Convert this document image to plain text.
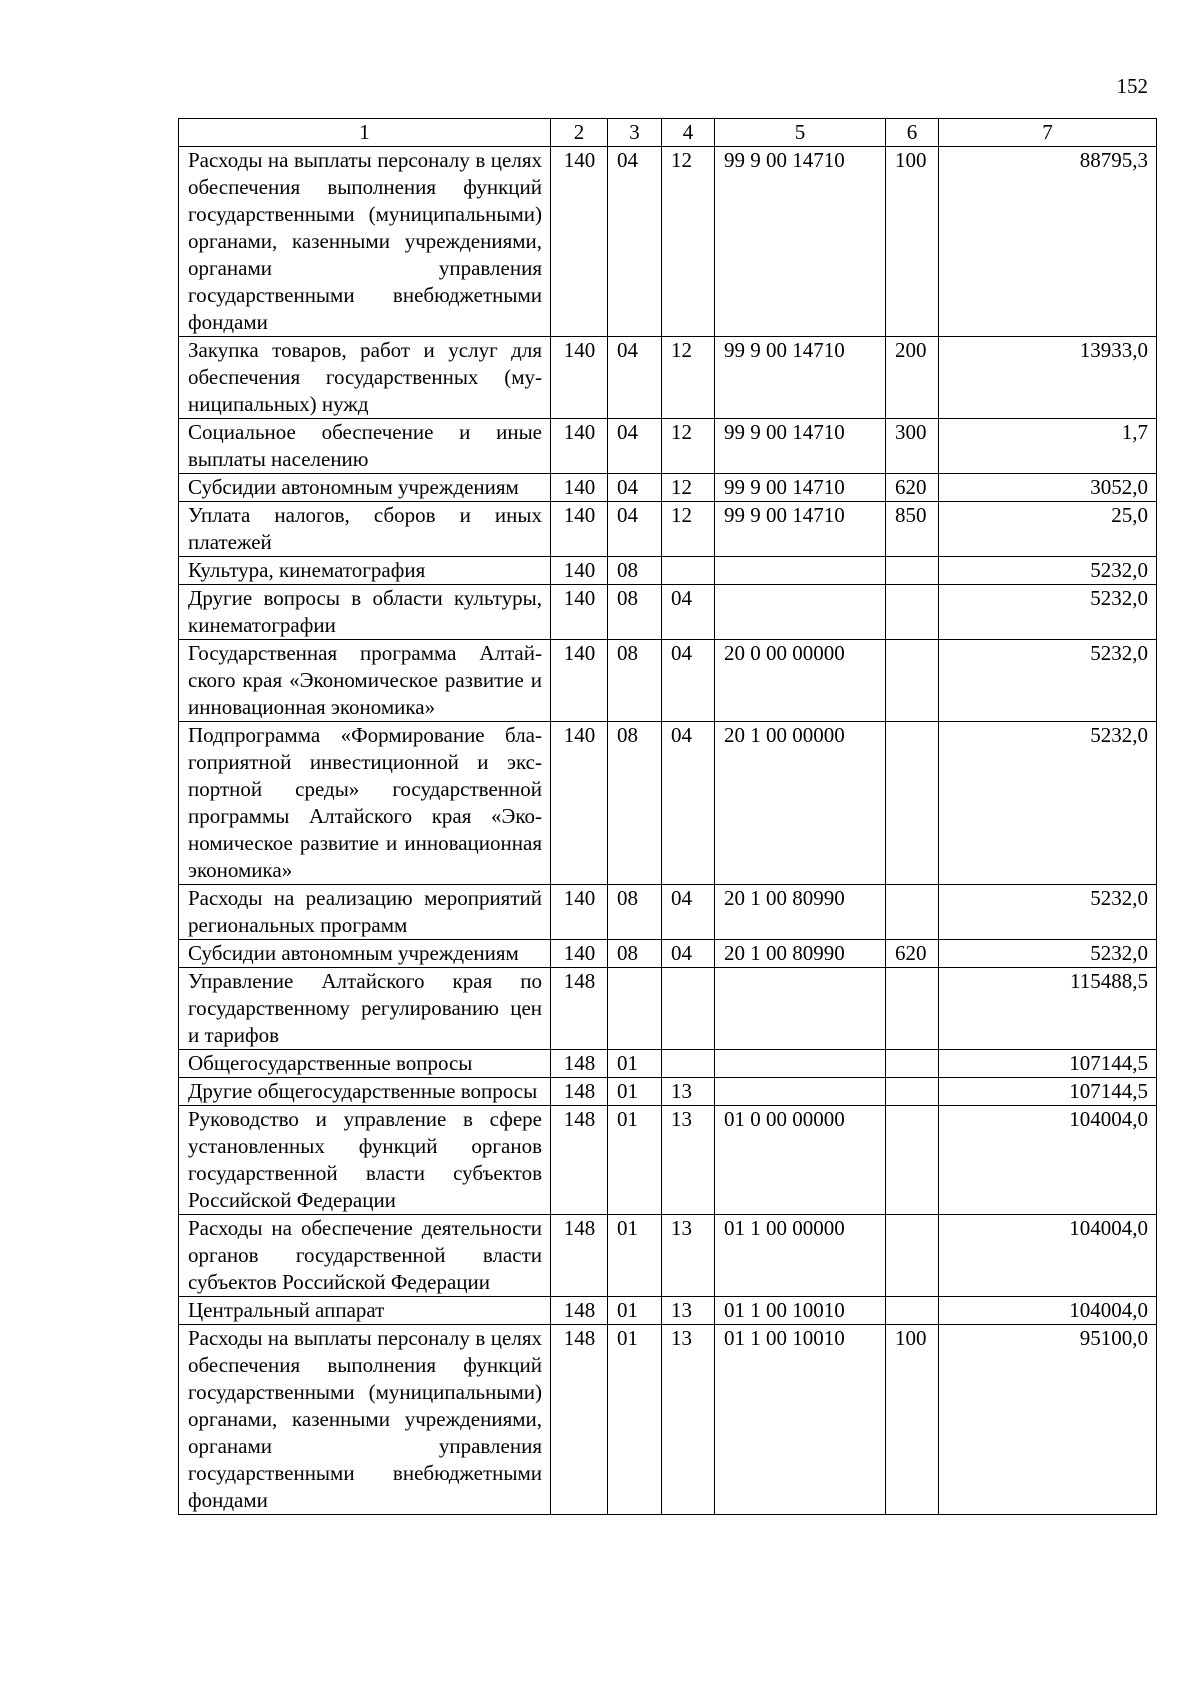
152
1	2	3	4	5	6	7
Расходы на выплаты персоналу в целях обеспечения выполнения функций государственными (муниципальными) органами, казенными учреждениями, органами управления государственными внебюджетными фондами	140	04	12	99 9 00 14710	100	88795,3
Закупка товаров, работ и услуг для обеспечения государственных (муниципальных) нужд	140	04	12	99 9 00 14710	200	13933,0
Социальное обеспечение и иные выплаты населению	140	04	12	99 9 00 14710	300	1,7
Субсидии автономным учреждениям	140	04	12	99 9 00 14710	620	3052,0
Уплата налогов, сборов и иных платежей	140	04	12	99 9 00 14710	850	25,0
Культура, кинематография	140	08				5232,0
Другие вопросы в области культуры, кинематографии	140	08	04			5232,0
Государственная программа Алтайского края «Экономическое развитие и инновационная экономика»	140	08	04	20 0 00 00000		5232,0
Подпрограмма «Формирование благоприятной инвестиционной и экспортной среды» государственной программы Алтайского края «Экономическое развитие и инновационная экономика»	140	08	04	20 1 00 00000		5232,0
Расходы на реализацию мероприятий региональных программ	140	08	04	20 1 00 80990		5232,0
Субсидии автономным учреждениям	140	08	04	20 1 00 80990	620	5232,0
Управление Алтайского края по государственному регулированию цен и тарифов	148					115488,5
Общегосударственные вопросы	148	01				107144,5
Другие общегосударственные вопросы	148	01	13			107144,5
Руководство и управление в сфере установленных функций органов государственной власти субъектов Российской Федерации	148	01	13	01 0 00 00000		104004,0
Расходы на обеспечение деятельности органов государственной власти субъектов Российской Федерации	148	01	13	01 1 00 00000		104004,0
Центральный аппарат	148	01	13	01 1 00 10010		104004,0
Расходы на выплаты персоналу в целях обеспечения выполнения функций государственными (муниципальными) органами, казенными учреждениями, органами управления государственными внебюджетными фондами	148	01	13	01 1 00 10010	100	95100,0
